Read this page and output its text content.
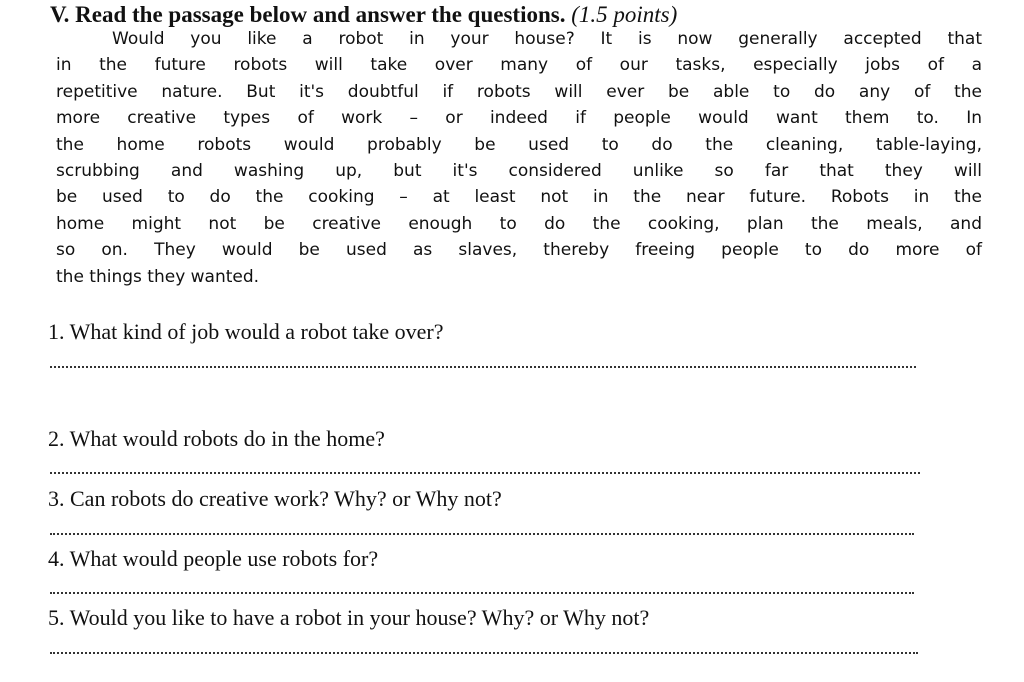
V. Read the passage below and answer the questions. (1.5 points)
Would you like a robot in your house? It is now generally accepted that
in the future robots will take over many of our tasks, especially jobs of a
repetitive nature. But it's doubtful if robots will ever be able to do any of the
more creative types of work – or indeed if people would want them to. In
the home robots would probably be used to do the cleaning, table-laying,
scrubbing and washing up, but it's considered unlike so far that they will
be used to do the cooking – at least not in the near future. Robots in the
home might not be creative enough to do the cooking, plan the meals, and
so on. They would be used as slaves, thereby freeing people to do more of
the things they wanted.
1. What kind of job would a robot take over?
2. What would robots do in the home?
3. Can robots do creative work? Why? or Why not?
4. What would people use robots for?
5. Would you like to have a robot in your house? Why? or Why not?
